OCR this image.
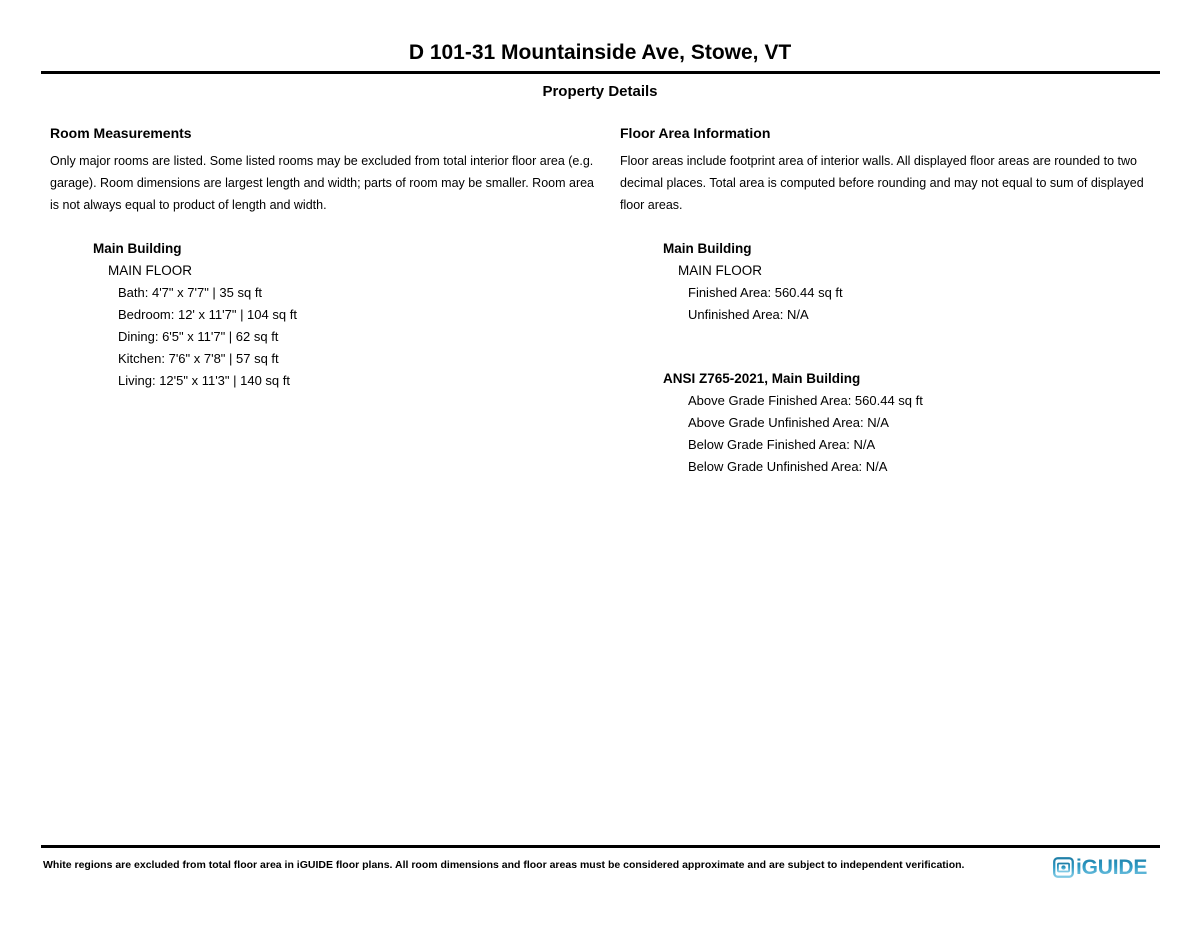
D 101-31 Mountainside Ave, Stowe, VT
Property Details
Room Measurements

Only major rooms are listed. Some listed rooms may be excluded from total interior floor area (e.g. garage). Room dimensions are largest length and width; parts of room may be smaller. Room area is not always equal to product of length and width.

Main Building
MAIN FLOOR
Bath: 4'7" x 7'7" | 35 sq ft
Bedroom: 12' x 11'7" | 104 sq ft
Dining: 6'5" x 11'7" | 62 sq ft
Kitchen: 7'6" x 7'8" | 57 sq ft
Living: 12'5" x 11'3" | 140 sq ft
Floor Area Information

Floor areas include footprint area of interior walls. All displayed floor areas are rounded to two decimal places. Total area is computed before rounding and may not equal to sum of displayed floor areas.

Main Building
MAIN FLOOR
Finished Area: 560.44 sq ft
Unfinished Area: N/A
ANSI Z765-2021, Main Building
Above Grade Finished Area: 560.44 sq ft
Above Grade Unfinished Area: N/A
Below Grade Finished Area: N/A
Below Grade Unfinished Area: N/A
White regions are excluded from total floor area in iGUIDE floor plans. All room dimensions and floor areas must be considered approximate and are subject to independent verification.	iGUIDE
